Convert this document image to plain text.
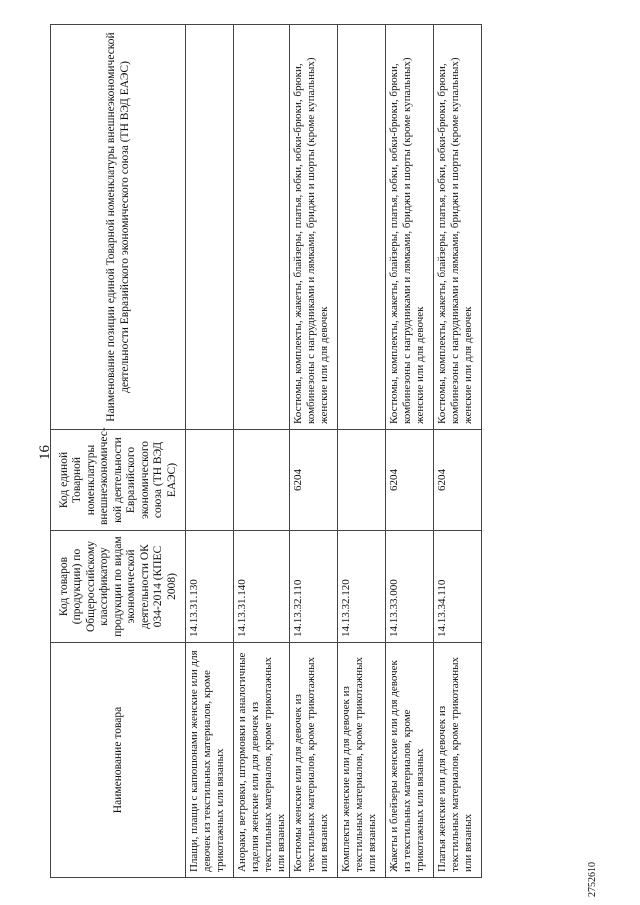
16
Наименование товара	Код товаров (продукции) по Общероссийскому классификатору продукции по видам экономической деятельности ОК 034-2014 (КПЕС 2008)	Код единой Товарной номенклатуры внешнеэкономичес-кой деятельности Евразийского экономического союза (ТН ВЭД ЕАЭС)	Наименование позиции единой Товарной номенклатуры внешнеэкономической деятельности Евразийского экономического союза (ТН ВЭД ЕАЭС)
Плащи, плащи с капюшонами женские или для девочек из текстильных материалов, кроме трикотажных или вязаных	14.13.31.130		
Анораки, ветровки, штормовки и аналогичные изделия женские или для девочек из текстильных материалов, кроме трикотажных или вязаных	14.13.31.140		
Костюмы женские или для девочек из текстильных материалов, кроме трикотажных или вязаных	14.13.32.110	6204	Костюмы, комплекты, жакеты, блайзеры, платья, юбки, юбки-брюки, брюки, комбинезоны с нагрудниками и лямками, бриджи и шорты (кроме купальных) женские или для девочек
Комплекты женские или для девочек из текстильных материалов, кроме трикотажных или вязаных	14.13.32.120		
Жакеты и блейзеры женские или для девочек из текстильных материалов, кроме трикотажных или вязаных	14.13.33.000	6204	Костюмы, комплекты, жакеты, блайзеры, платья, юбки, юбки-брюки, брюки, комбинезоны с нагрудниками и лямками, бриджи и шорты (кроме купальных) женские или для девочек
Платья женские или для девочек из текстильных материалов, кроме трикотажных или вязаных	14.13.34.110	6204	Костюмы, комплекты, жакеты, блайзеры, платья, юбки, юбки-брюки, брюки, комбинезоны с нагрудниками и лямками, бриджи и шорты (кроме купальных) женские или для девочек
2752610
